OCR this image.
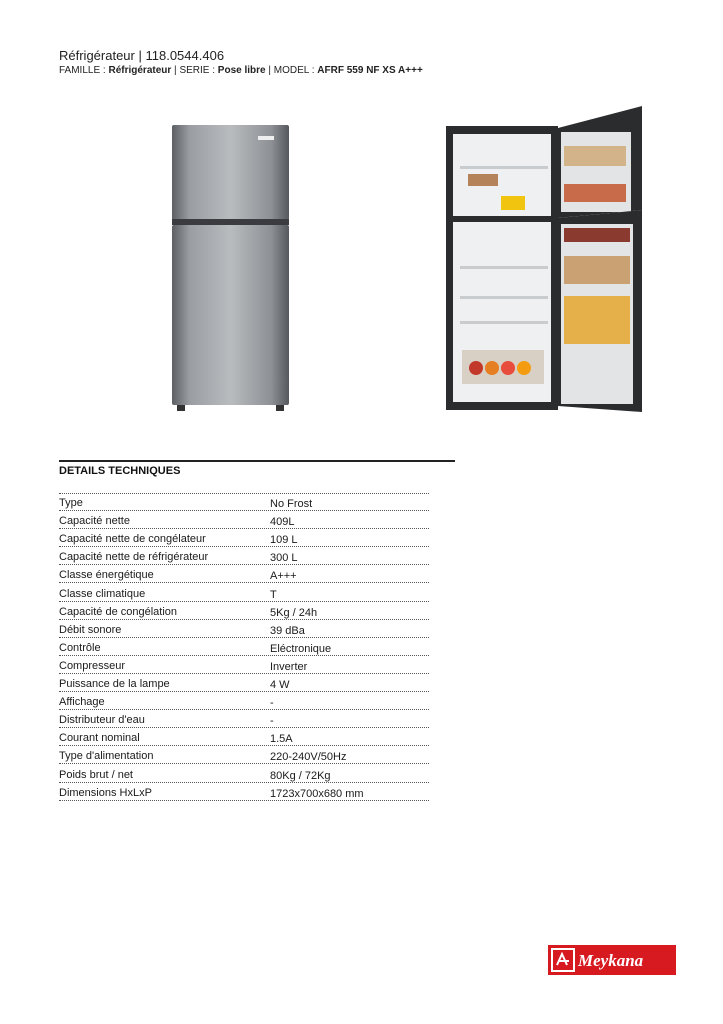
Réfrigérateur | 118.0544.406
FAMILLE : Réfrigérateur | SERIE : Pose libre | MODEL : AFRF 559 NF XS A+++
DETAILS TECHNIQUES
Type	No Frost
Capacité nette	409L
Capacité nette de congélateur	109 L
Capacité nette de réfrigérateur	300 L
Classe énergétique	A+++
Classe climatique	T
Capacité de congélation	5Kg / 24h
Débit sonore	39 dBa
Contrôle	Eléctronique
Compresseur	Inverter
Puissance de la lampe	4 W
Affichage	-
Distributeur d'eau	-
Courant nominal	1.5A
Type d'alimentation	220-240V/50Hz
Poids brut / net	80Kg / 72Kg
Dimensions HxLxP	1723x700x680 mm
Meykana
